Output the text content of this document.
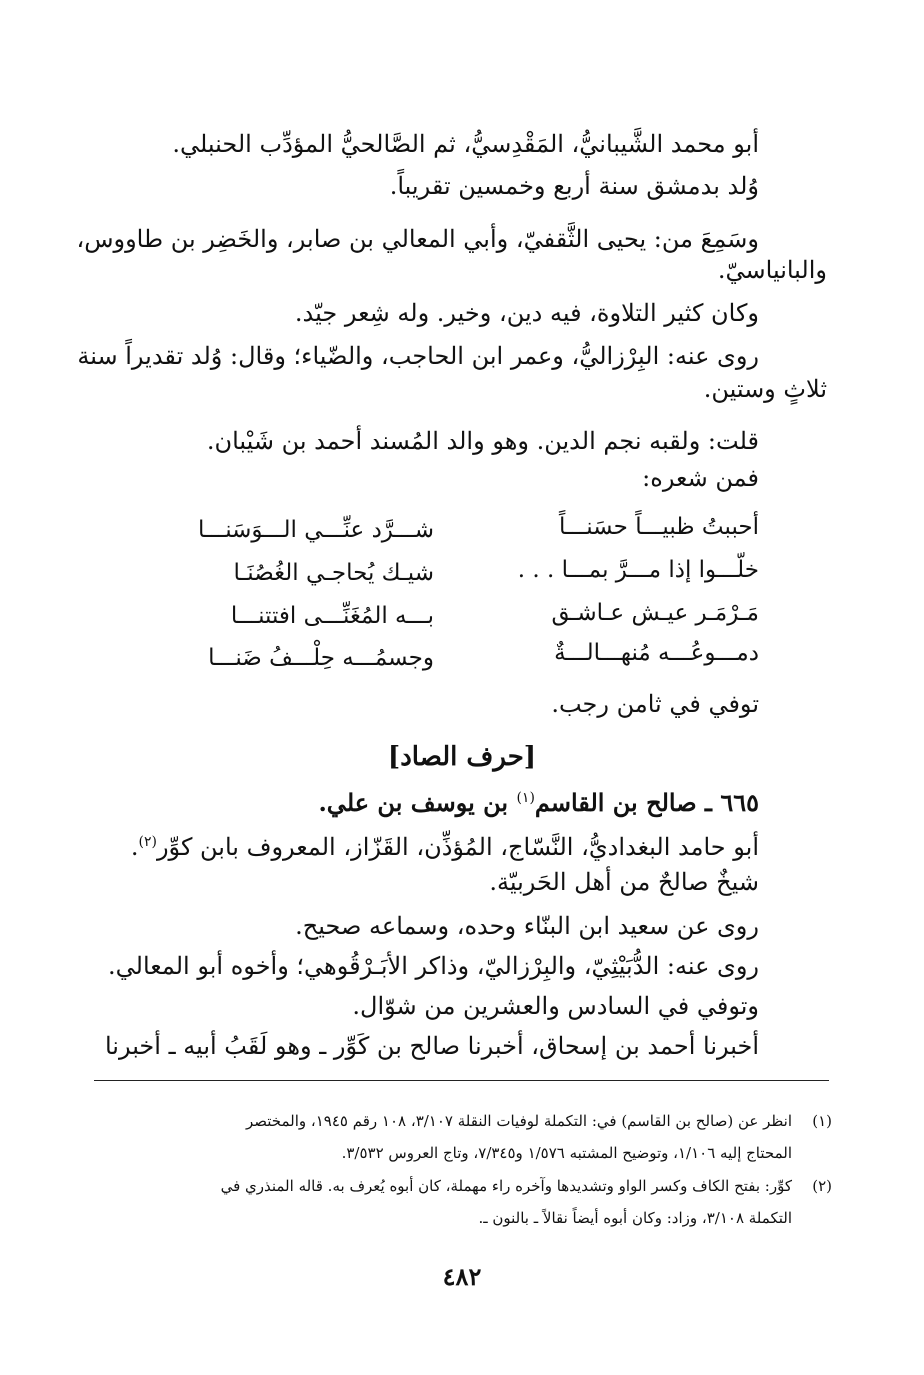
أبو محمد الشَّيبانيُّ، المَقْدِسيُّ، ثم الصَّالحيُّ المؤدِّب الحنبلي.

وُلد بدمشق سنة أربع وخمسين تقريباً.

وسَمِعَ من: يحيى الثَّقفيّ، وأبي المعالي بن صابر، والخَضِر بن طاووس،

والبانياسيّ.

وكان كثير التلاوة، فيه دين، وخير. وله شِعر جيّد.

روى عنه: البِرْزاليُّ، وعمر ابن الحاجب، والضّياء؛ وقال: وُلد تقديراً سنة

ثلاثٍ وستين.

قلت: ولقبه نجم الدين. وهو والد المُسند أحمد بن شَيْبان.

فمن شعره:

أحببتُ ظبيـــاً حسَنـــاً
شـــرَّد عنِّـــي الـــوَسَنـــا
خلّـــوا إذا مـــرَّ بمـــا . . .
شيـك يُحاجـي الغُصُنَـا
مَـرْمَـر عيـش عـاشـق
بـــه المُغَنِّـــى افتتنـــا
دمـــوعُـــه مُنهـــالـــةٌ
وجسمُـــه حِلْـــفُ ضَنـــا

توفي في ثامن رجب.

[حرف الصاد]

٦٦٥ ـ صالح بن القاسم$^{(١)}$ بن يوسف بن علي.

أبو حامد البغداديُّ، النَّسّاج، المُؤذِّن، القَزّاز، المعروف بابن كوِّر$^{(٢)}$.

شيخٌ صالحٌ من أهل الحَربيّة.

روى عن سعيد ابن البنّاء وحده، وسماعه صحيح.

روى عنه: الدُّبَيْثِيّ، والبِرْزاليّ، وذاكر الأبَـرْقُوهي؛ وأخوه أبو المعالي.

وتوفي في السادس والعشرين من شوّال.

أخبرنا أحمد بن إسحاق، أخبرنا صالح بن كَوِّر ـ وهو لَقَبُ أبيه ـ أخبرنا

(١)
انظر عن (صالح بن القاسم) في: التكملة لوفيات النقلة ٣/١٠٧، ١٠٨ رقم ١٩٤٥، والمختصر
المحتاج إليه ١/١٠٦، وتوضيح المشتبه ١/٥٧٦ و٧/٣٤٥، وتاج العروس ٣/٥٣٢.
(٢)
كوِّر: بفتح الكاف وكسر الواو وتشديدها وآخره راء مهملة، كان أبوه يُعرف به. قاله المنذري في
التكملة ٣/١٠٨، وزاد: وكان أبوه أيضاً نقالاً ـ بالنون ـ.
٤٨٢
